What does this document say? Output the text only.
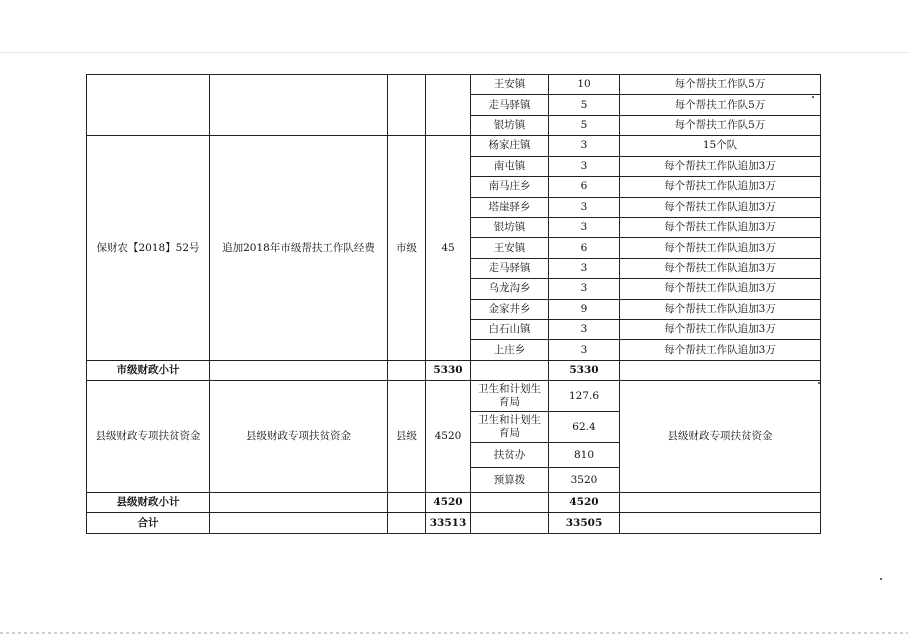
				王安镇	10	每个帮扶工作队5万
				走马驿镇	5	每个帮扶工作队5万
				银坊镇	5	每个帮扶工作队5万
保财农【2018】52号	追加2018年市级帮扶工作队经费	市级	45	杨家庄镇	3	15个队
				南屯镇	3	每个帮扶工作队追加3万
				南马庄乡	6	每个帮扶工作队追加3万
				塔崖驿乡	3	每个帮扶工作队追加3万
				银坊镇	3	每个帮扶工作队追加3万
				王安镇	6	每个帮扶工作队追加3万
				走马驿镇	3	每个帮扶工作队追加3万
				乌龙沟乡	3	每个帮扶工作队追加3万
				金家井乡	9	每个帮扶工作队追加3万
				白石山镇	3	每个帮扶工作队追加3万
				上庄乡	3	每个帮扶工作队追加3万
市级财政小计			5330		5330	
县级财政专项扶贫资金	县级财政专项扶贫资金	县级	4520	卫生和计划生育局	127.6	县级财政专项扶贫资金
				卫生和计划生育局	62.4	
				扶贫办	810	
				预算拨	3520	
县级财政小计			4520		4520	
合计			33513		33505	
